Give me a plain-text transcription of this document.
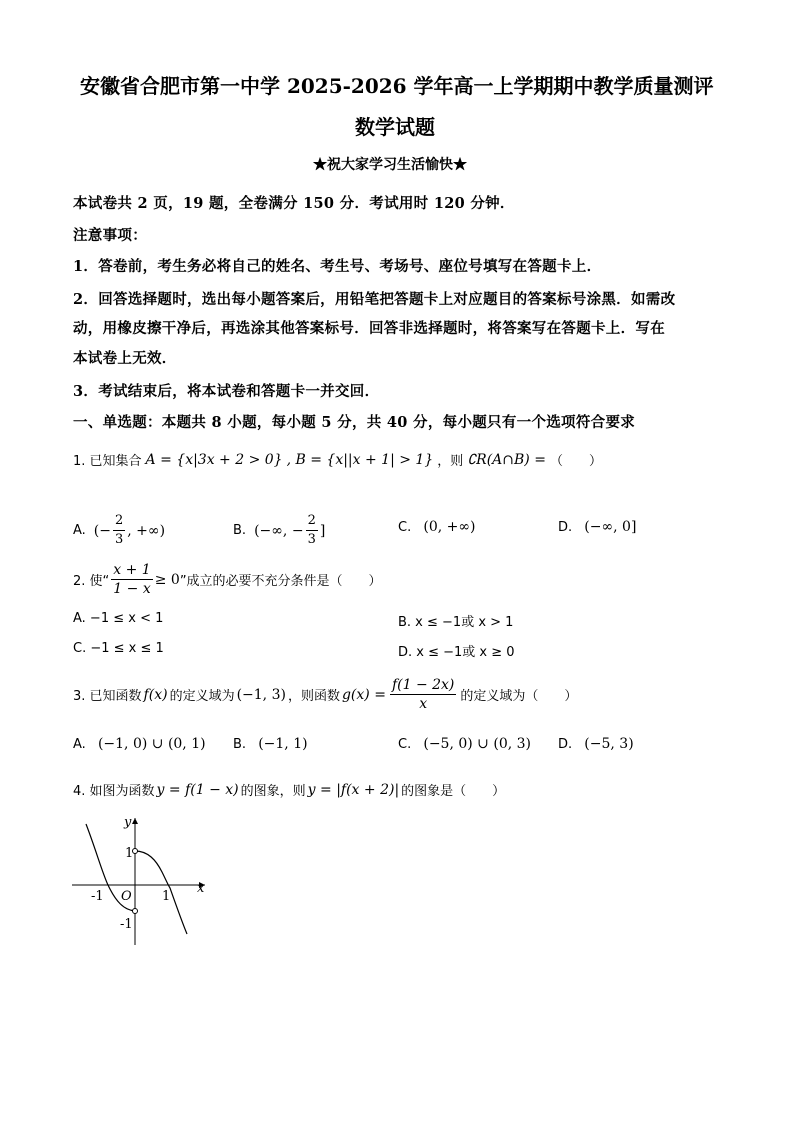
安徽省合肥市第一中学 2025-2026 学年高一上学期期中教学质量测评
数学试题
★祝大家学习生活愉快★
本试卷共 2 页，19 题，全卷满分 150 分．考试用时 120 分钟．
注意事项：
1．答卷前，考生务必将自己的姓名、考生号、考场号、座位号填写在答题卡上．
2．回答选择题时，选出每小题答案后，用铅笔把答题卡上对应题目的答案标号涂黑．如需改
动，用橡皮擦干净后，再选涂其他答案标号．回答非选择题时，将答案写在答题卡上．写在
本试卷上无效．
3．考试结束后，将本试卷和答题卡一并交回．
一、单选题：本题共 8 小题，每小题 5 分，共 40 分，每小题只有一个选项符合要求
1. 已知集合 A = {x|3x + 2 > 0} , B = {x||x + 1| > 1} ，则 ∁R(A∩B) = （　　）
A. (− $\frac{2}{3}$ , +∞)	B. (−∞, − $\frac{2}{3}$ ]	C. (0, +∞)	D. (−∞, 0]
2. 使“ $\frac{x + 1}{1 - x} \ge 0$ ”成立的必要不充分条件是（　　）
A. −1 ≤ x < 1	B. x ≤ −1或 x > 1
C. −1 ≤ x ≤ 1	D. x ≤ −1或 x ≥ 0
3. 已知函数 f(x) 的定义域为 (−1, 3) ，则函数 $g(x) = \frac{f(1 - 2x)}{x}$ 的定义域为（　　）
A. (−1, 0) ∪ (0, 1) B. (−1, 1)	C. (−5, 0) ∪ (0, 3) D. (−5, 3)
4. 如图为函数 y = f(1 − x) 的图象，则 y = |f(x + 2)| 的图象是（　　）
y
x
O
1
-1
-1	1
